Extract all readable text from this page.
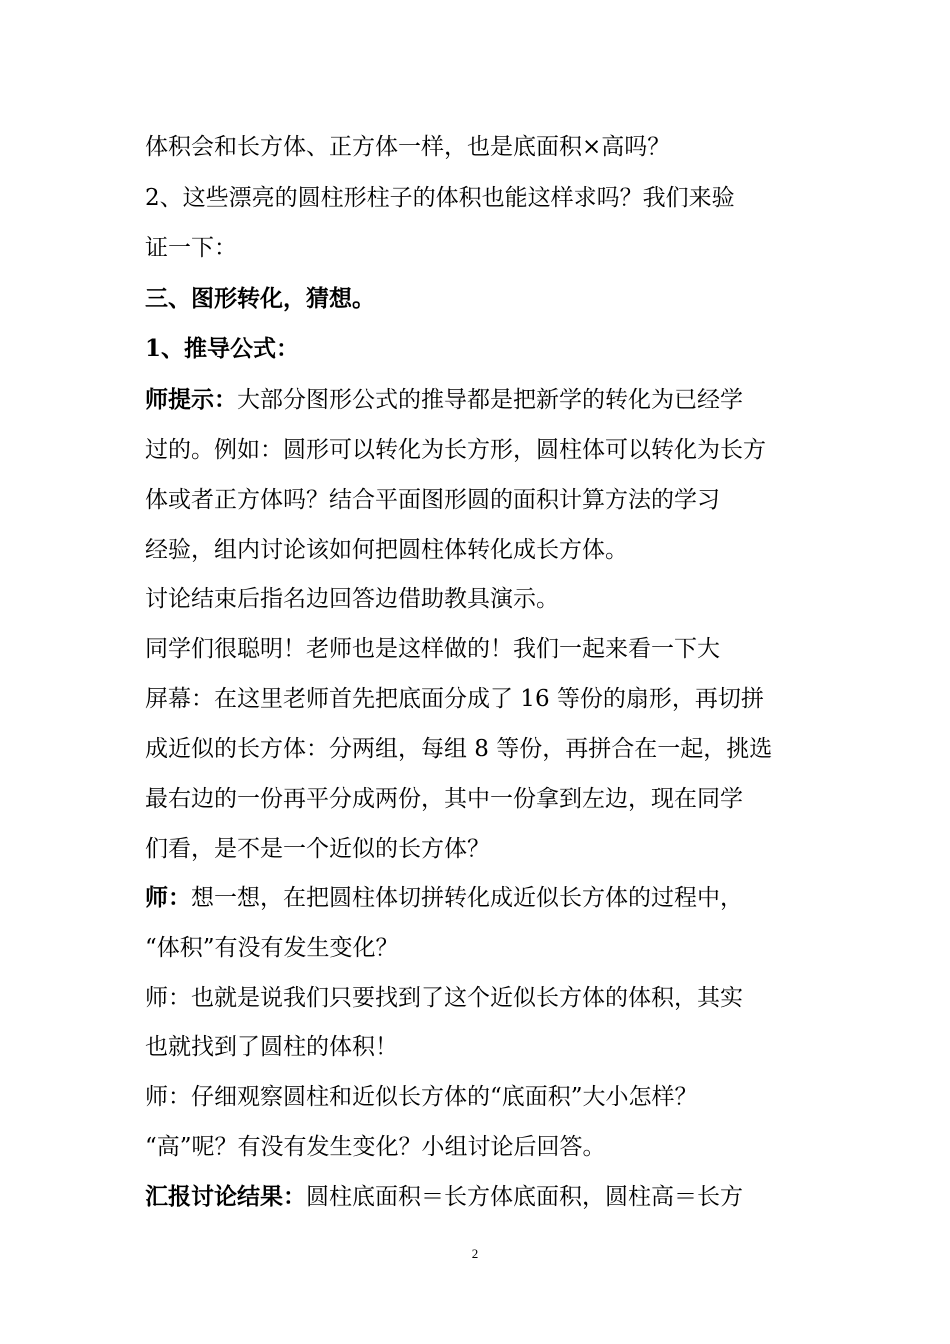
体积会和长方体、正方体一样，也是底面积×高吗？
2、这些漂亮的圆柱形柱子的体积也能这样求吗？我们来验
证一下：
三、图形转化，猜想。
1、推导公式：
师提示：大部分图形公式的推导都是把新学的转化为已经学
过的。例如：圆形可以转化为长方形，圆柱体可以转化为长方
体或者正方体吗？结合平面图形圆的面积计算方法的学习
经验，组内讨论该如何把圆柱体转化成长方体。
讨论结束后指名边回答边借助教具演示。
同学们很聪明！老师也是这样做的！我们一起来看一下大
屏幕：在这里老师首先把底面分成了 16 等份的扇形，再切拼
成近似的长方体：分两组，每组 8 等份，再拼合在一起，挑选
最右边的一份再平分成两份，其中一份拿到左边，现在同学
们看，是不是一个近似的长方体？
师：想一想，在把圆柱体切拼转化成近似长方体的过程中，
“体积”有没有发生变化？
师：也就是说我们只要找到了这个近似长方体的体积，其实
也就找到了圆柱的体积！
师：仔细观察圆柱和近似长方体的“底面积”大小怎样？
“高”呢？有没有发生变化？小组讨论后回答。
汇报讨论结果：圆柱底面积＝长方体底面积，圆柱高＝长方
2
